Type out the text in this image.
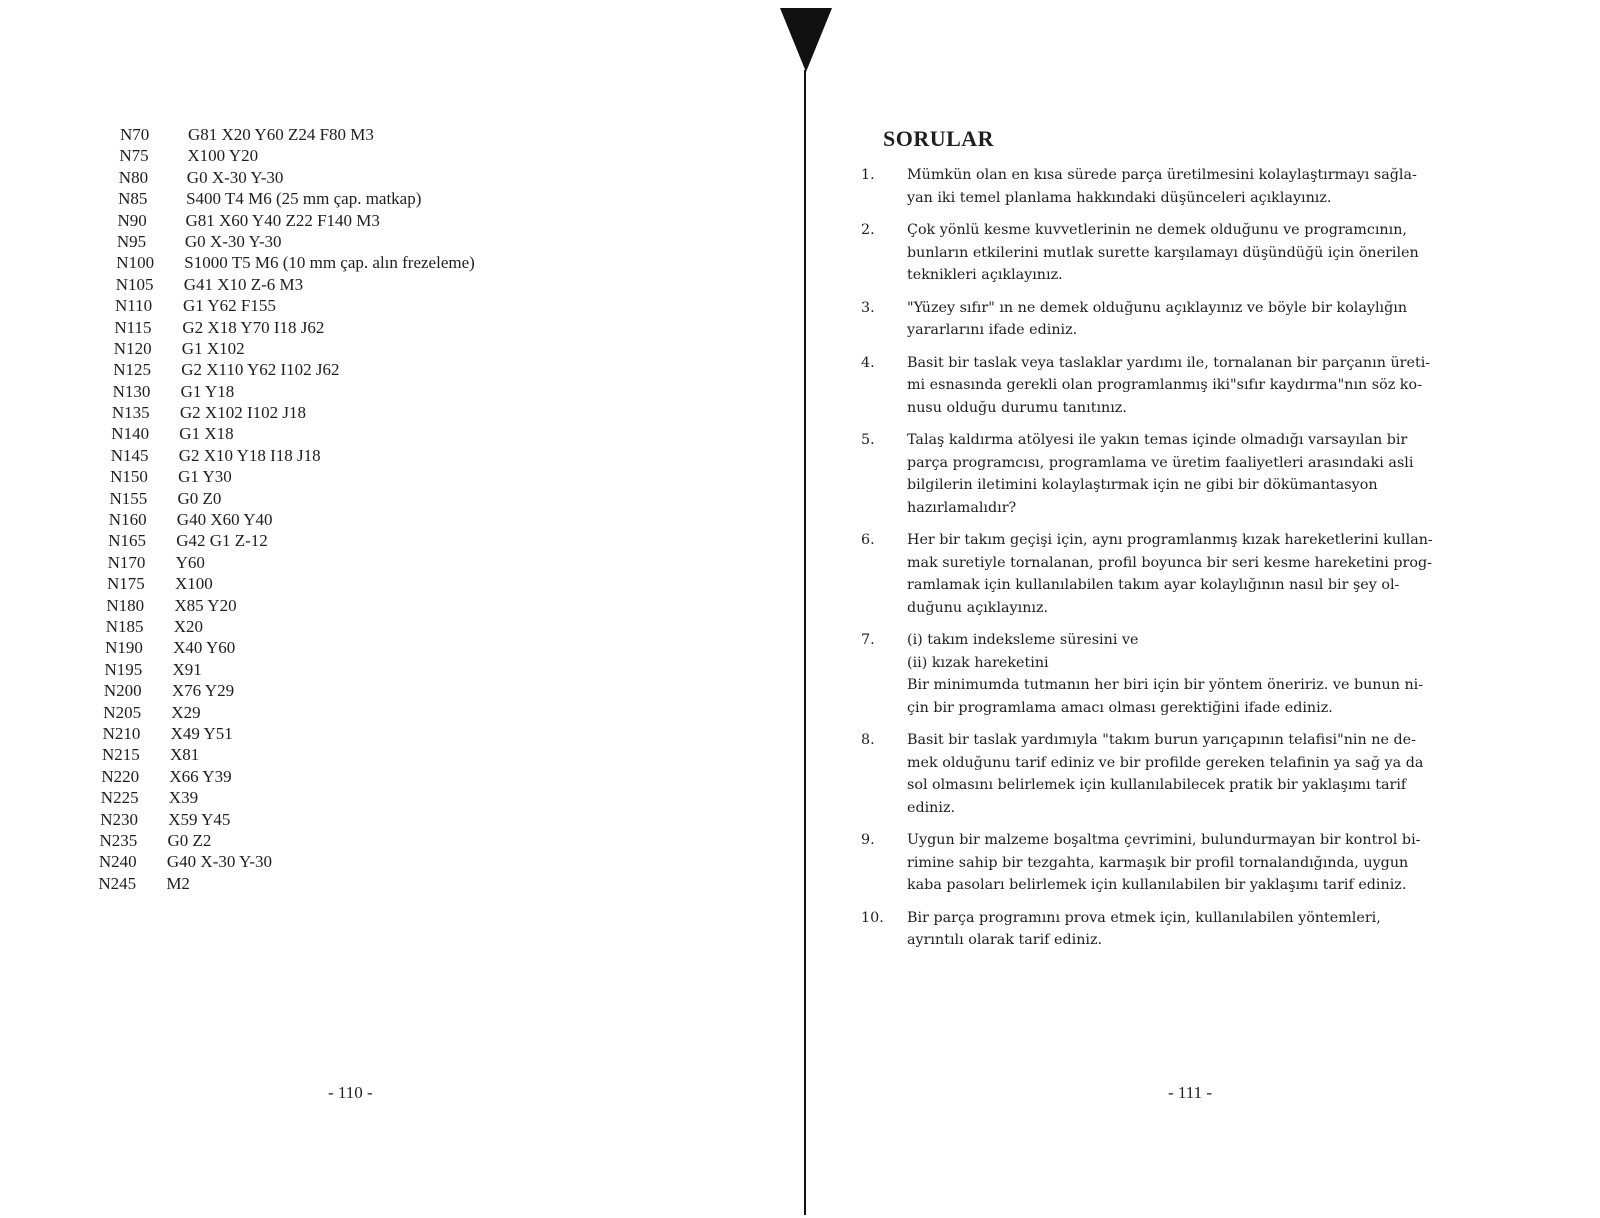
N70	G81 X20 Y60 Z24 F80 M3
N75	X100 Y20
N80	G0 X-30 Y-30
N85	S400 T4 M6 (25 mm çap. matkap)
N90	G81 X60 Y40 Z22 F140 M3
N95	G0 X-30 Y-30
N100	S1000 T5 M6 (10 mm çap. alın frezeleme)
N105	G41 X10 Z-6 M3
N110	G1 Y62 F155
N115	G2 X18 Y70 I18 J62
N120	G1 X102
N125	G2 X110 Y62 I102 J62
N130	G1 Y18
N135	G2 X102 I102 J18
N140	G1 X18
N145	G2 X10 Y18 I18 J18
N150	G1 Y30
N155	G0 Z0
N160	G40 X60 Y40
N165	G42 G1 Z-12
N170	Y60
N175	X100
N180	X85 Y20
N185	X20
N190	X40 Y60
N195	X91
N200	X76 Y29
N205	X29
N210	X49 Y51
N215	X81
N220	X66 Y39
N225	X39
N230	X59 Y45
N235	G0 Z2
N240	G40 X-30 Y-30
N245	M2
- 110 -
SORULAR
1.	Mümkün olan en kısa sürede parça üretilmesini kolaylaştırmayı sağla-
yan iki temel planlama hakkındaki düşünceleri açıklayınız.
2.	Çok yönlü kesme kuvvetlerinin ne demek olduğunu ve programcının,
bunların etkilerini mutlak surette karşılamayı düşündüğü için önerilen
teknikleri açıklayınız.
3.	"Yüzey sıfır" ın ne demek olduğunu açıklayınız ve böyle bir kolaylığın
yararlarını ifade ediniz.
4.	Basit bir taslak veya taslaklar yardımı ile, tornalanan bir parçanın üreti-
mi esnasında gerekli olan programlanmış iki"sıfır kaydırma"nın söz ko-
nusu olduğu durumu tanıtınız.
5.	Talaş kaldırma atölyesi ile yakın temas içinde olmadığı varsayılan bir
parça programcısı, programlama ve üretim faaliyetleri arasındaki asli
bilgilerin iletimini kolaylaştırmak için ne gibi bir dökümantasyon
hazırlamalıdır?
6.	Her bir takım geçişi için, aynı programlanmış kızak hareketlerini kullan-
mak suretiyle tornalanan, profil boyunca bir seri kesme hareketini prog-
ramlamak için kullanılabilen takım ayar kolaylığının nasıl bir şey ol-
duğunu açıklayınız.
7.	(i) takım indeksleme süresini ve
(ii) kızak hareketini
Bir minimumda tutmanın her biri için bir yöntem öneririz. ve bunun ni-
çin bir programlama amacı olması gerektiğini ifade ediniz.
8.	Basit bir taslak yardımıyla "takım burun yarıçapının telafisi"nin ne de-
mek olduğunu tarif ediniz ve bir profilde gereken telafinin ya sağ ya da
sol olmasını belirlemek için kullanılabilecek pratik bir yaklaşımı tarif
ediniz.
9.	Uygun bir malzeme boşaltma çevrimini, bulundurmayan bir kontrol bi-
rimine sahip bir tezgahta, karmaşık bir profil tornalandığında, uygun
kaba pasoları belirlemek için kullanılabilen bir yaklaşımı tarif ediniz.
10.	Bir parça programını prova etmek için, kullanılabilen yöntemleri,
ayrıntılı olarak tarif ediniz.
- 111 -
